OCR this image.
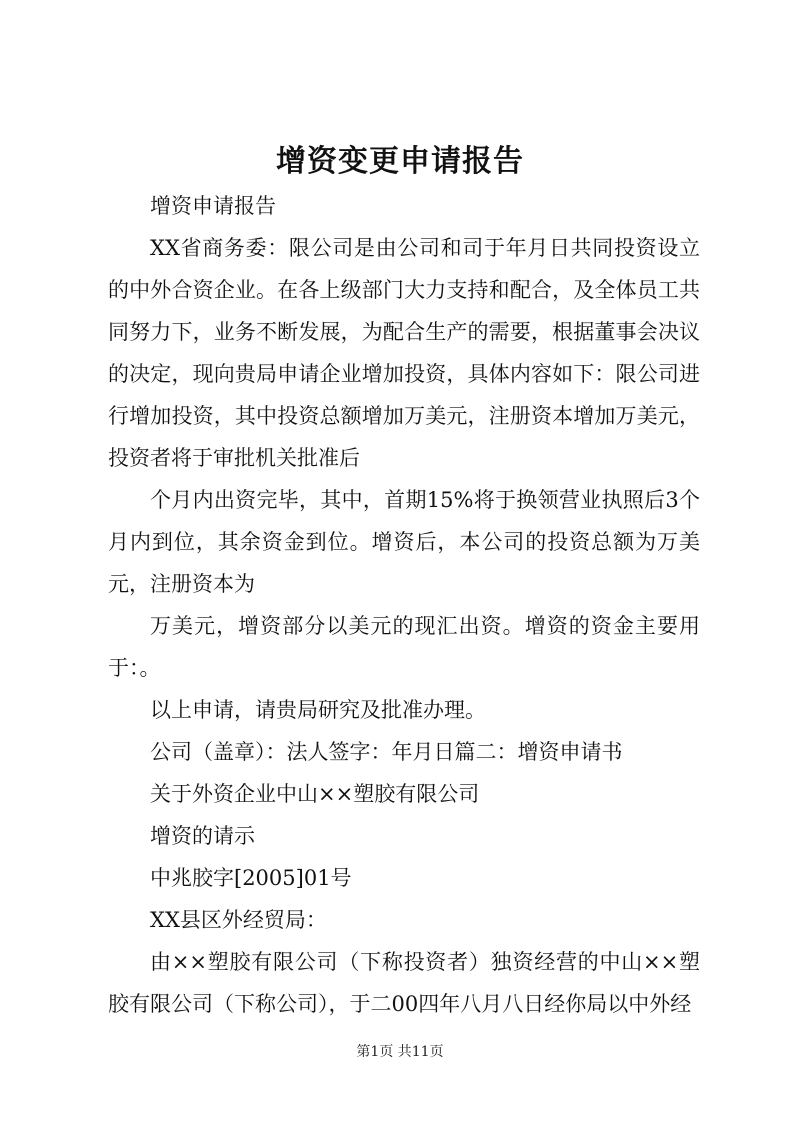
增资变更申请报告

增资申请报告

XX省商务委：限公司是由公司和司于年月日共同投资设立的中外合资企业。在各上级部门大力支持和配合，及全体员工共同努力下，业务不断发展，为配合生产的需要，根据董事会决议的决定，现向贵局申请企业增加投资，具体内容如下：限公司进行增加投资，其中投资总额增加万美元，注册资本增加万美元，投资者将于审批机关批准后

个月内出资完毕，其中，首期15%将于换领营业执照后3个月内到位，其余资金到位。增资后，本公司的投资总额为万美元，注册资本为

万美元，增资部分以美元的现汇出资。增资的资金主要用于：。

以上申请，请贵局研究及批准办理。

公司（盖章）：法人签字：年月日篇二：增资申请书

关于外资企业中山××塑胶有限公司

增资的请示

中兆胶字[2005]01号

XX县区外经贸局：

由××塑胶有限公司（下称投资者）独资经营的中山××塑胶有限公司（下称公司），于二00四年八月八日经你局以中外经

第1页 共11页
